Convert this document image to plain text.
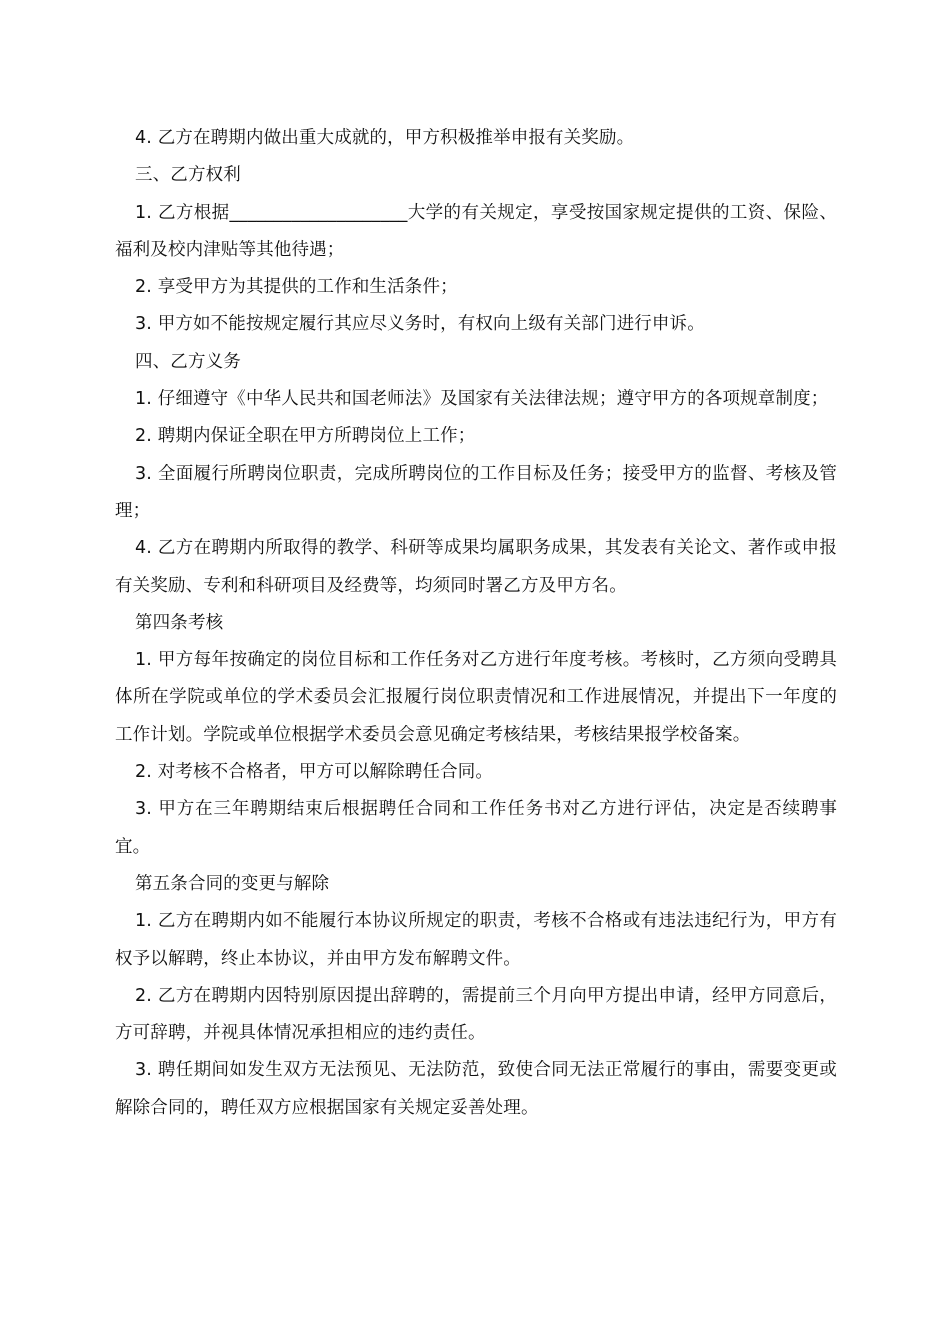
4. 乙方在聘期内做出重大成就的，甲方积极推举申报有关奖励。

三、乙方权利

1. 乙方根据____________________大学的有关规定，享受按国家规定提供的工资、保险、福利及校内津贴等其他待遇；

2. 享受甲方为其提供的工作和生活条件；

3. 甲方如不能按规定履行其应尽义务时，有权向上级有关部门进行申诉。

四、乙方义务

1. 仔细遵守《中华人民共和国老师法》及国家有关法律法规；遵守甲方的各项规章制度；

2. 聘期内保证全职在甲方所聘岗位上工作；

3. 全面履行所聘岗位职责，完成所聘岗位的工作目标及任务；接受甲方的监督、考核及管理；

4. 乙方在聘期内所取得的教学、科研等成果均属职务成果，其发表有关论文、著作或申报有关奖励、专利和科研项目及经费等，均须同时署乙方及甲方名。

第四条考核

1. 甲方每年按确定的岗位目标和工作任务对乙方进行年度考核。考核时，乙方须向受聘具体所在学院或单位的学术委员会汇报履行岗位职责情况和工作进展情况，并提出下一年度的工作计划。学院或单位根据学术委员会意见确定考核结果，考核结果报学校备案。

2. 对考核不合格者，甲方可以解除聘任合同。

3. 甲方在三年聘期结束后根据聘任合同和工作任务书对乙方进行评估，决定是否续聘事宜。

第五条合同的变更与解除

1. 乙方在聘期内如不能履行本协议所规定的职责，考核不合格或有违法违纪行为，甲方有权予以解聘，终止本协议，并由甲方发布解聘文件。

2. 乙方在聘期内因特别原因提出辞聘的，需提前三个月向甲方提出申请，经甲方同意后，方可辞聘，并视具体情况承担相应的违约责任。

3. 聘任期间如发生双方无法预见、无法防范，致使合同无法正常履行的事由，需要变更或解除合同的，聘任双方应根据国家有关规定妥善处理。
